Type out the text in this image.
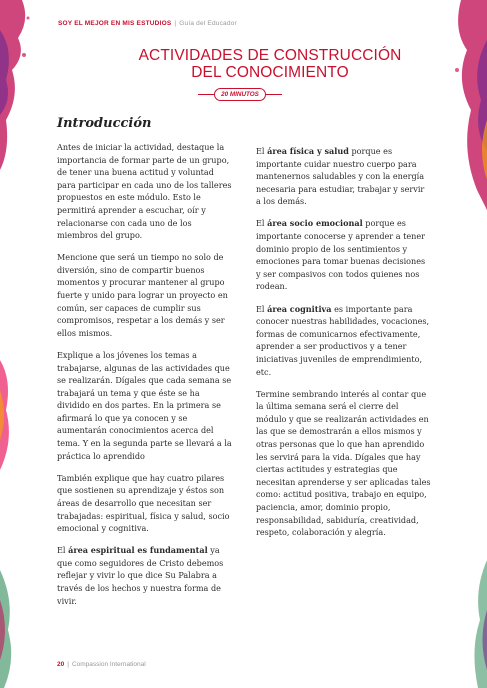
SOY EL MEJOR EN MIS ESTUDIOS | Guía del Educador
ACTIVIDADES DE CONSTRUCCIÓN
DEL CONOCIMIENTO
20 MINUTOS
Introducción

Antes de iniciar la actividad, destaque la importancia de formar parte de un grupo, de tener una buena actitud y voluntad para participar en cada uno de los talleres propuestos en este módulo. Esto le permitirá aprender a escuchar, oír y relacionarse con cada uno de los miembros del grupo.

Mencione que será un tiempo no solo de diversión, sino de compartir buenos momentos y procurar mantener al grupo fuerte y unido para lograr un proyecto en común, ser capaces de cumplir sus compromisos, respetar a los demás y ser ellos mismos.

Explique a los jóvenes los temas a trabajarse, algunas de las actividades que se realizarán. Dígales que cada semana se trabajará un tema y que éste se ha dividido en dos partes. En la primera se afirmará lo que ya conocen y se aumentarán conocimientos acerca del tema. Y en la segunda parte se llevará a la práctica lo aprendido

También explique que hay cuatro pilares que sostienen su aprendizaje y éstos son áreas de desarrollo que necesitan ser trabajadas: espiritual, física y salud, socio emocional y cognitiva.

El área espiritual es fundamental ya que como seguidores de Cristo debemos reflejar y vivir lo que dice Su Palabra a través de los hechos y nuestra forma de vivir.

El área física y salud porque es importante cuidar nuestro cuerpo para mantenernos saludables y con la energía necesaria para estudiar, trabajar y servir a los demás.

El área socio emocional porque es importante conocerse y aprender a tener dominio propio de los sentimientos y emociones para tomar buenas decisiones y ser compasivos con todos quienes nos rodean.

El área cognitiva es importante para conocer nuestras habilidades, vocaciones, formas de comunicarnos efectivamente, aprender a ser productivos y a tener iniciativas juveniles de emprendimiento, etc.

Termine sembrando interés al contar que la última semana será el cierre del módulo y que se realizarán actividades en las que se demostrarán a ellos mismos y otras personas que lo que han aprendido les servirá para la vida. Dígales que hay ciertas actitudes y estrategias que necesitan aprenderse y ser aplicadas tales como: actitud positiva, trabajo en equipo, paciencia, amor, dominio propio, responsabilidad, sabiduría, creatividad, respeto, colaboración y alegría.

20 | Compassion International
